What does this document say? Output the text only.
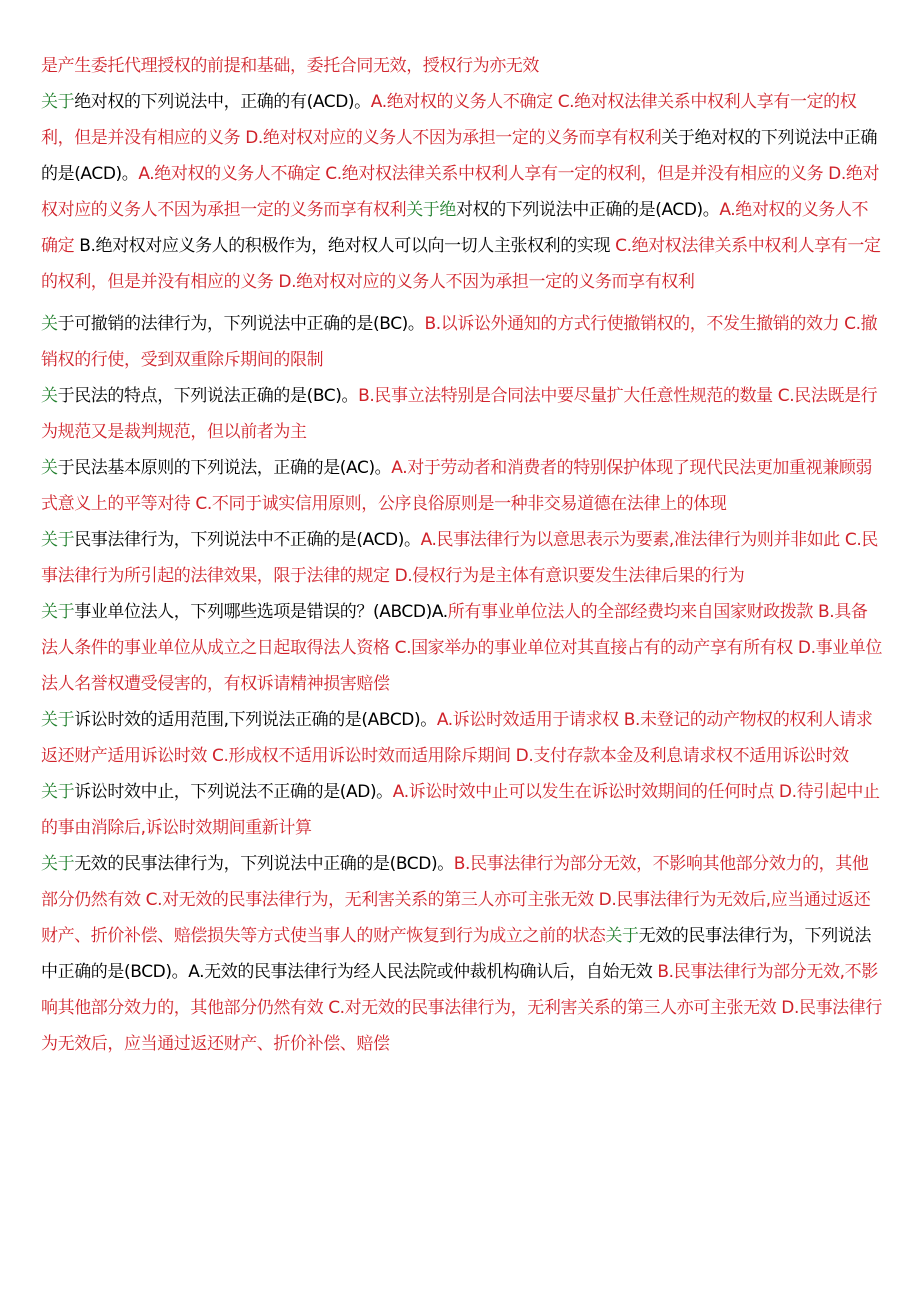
是产生委托代理授权的前提和基础，委托合同无效，授权行为亦无效

关于绝对权的下列说法中，正确的有(ACD)。A.绝对权的义务人不确定 C.绝对权法律关系中权利人享有一定的权利，但是并没有相应的义务 D.绝对权对应的义务人不因为承担一定的义务而享有权利关于绝对权的下列说法中正确的是(ACD)。A.绝对权的义务人不确定 C.绝对权法律关系中权利人享有一定的权利，但是并没有相应的义务 D.绝对权对应的义务人不因为承担一定的义务而享有权利关于绝对权的下列说法中正确的是(ACD)。A.绝对权的义务人不确定 B.绝对权对应义务人的积极作为，绝对权人可以向一切人主张权利的实现 C.绝对权法律关系中权利人享有一定的权利，但是并没有相应的义务 D.绝对权对应的义务人不因为承担一定的义务而享有权利

关于可撤销的法律行为，下列说法中正确的是(BC)。B.以诉讼外通知的方式行使撤销权的，不发生撤销的效力 C.撤销权的行使，受到双重除斥期间的限制

关于民法的特点，下列说法正确的是(BC)。B.民事立法特别是合同法中要尽量扩大任意性规范的数量 C.民法既是行为规范又是裁判规范，但以前者为主

关于民法基本原则的下列说法，正确的是(AC)。A.对于劳动者和消费者的特别保护体现了现代民法更加重视兼顾弱式意义上的平等对待 C.不同于诚实信用原则，公序良俗原则是一种非交易道德在法律上的体现

关于民事法律行为，下列说法中不正确的是(ACD)。A.民事法律行为以意思表示为要素,准法律行为则并非如此 C.民事法律行为所引起的法律效果，限于法律的规定 D.侵权行为是主体有意识要发生法律后果的行为

关于事业单位法人，下列哪些选项是错误的？(ABCD)A.所有事业单位法人的全部经费均来自国家财政拨款 B.具备法人条件的事业单位从成立之日起取得法人资格 C.国家举办的事业单位对其直接占有的动产享有所有权 D.事业单位法人名誉权遭受侵害的，有权诉请精神损害赔偿

关于诉讼时效的适用范围,下列说法正确的是(ABCD)。A.诉讼时效适用于请求权 B.未登记的动产物权的权利人请求返还财产适用诉讼时效 C.形成权不适用诉讼时效而适用除斥期间 D.支付存款本金及利息请求权不适用诉讼时效

关于诉讼时效中止，下列说法不正确的是(AD)。A.诉讼时效中止可以发生在诉讼时效期间的任何时点 D.待引起中止的事由消除后,诉讼时效期间重新计算

关于无效的民事法律行为，下列说法中正确的是(BCD)。B.民事法律行为部分无效，不影响其他部分效力的，其他部分仍然有效 C.对无效的民事法律行为，无利害关系的第三人亦可主张无效 D.民事法律行为无效后,应当通过返还财产、折价补偿、赔偿损失等方式使当事人的财产恢复到行为成立之前的状态关于无效的民事法律行为，下列说法中正确的是(BCD)。A.无效的民事法律行为经人民法院或仲裁机构确认后，自始无效 B.民事法律行为部分无效,不影响其他部分效力的，其他部分仍然有效 C.对无效的民事法律行为，无利害关系的第三人亦可主张无效 D.民事法律行为无效后，应当通过返还财产、折价补偿、赔偿
